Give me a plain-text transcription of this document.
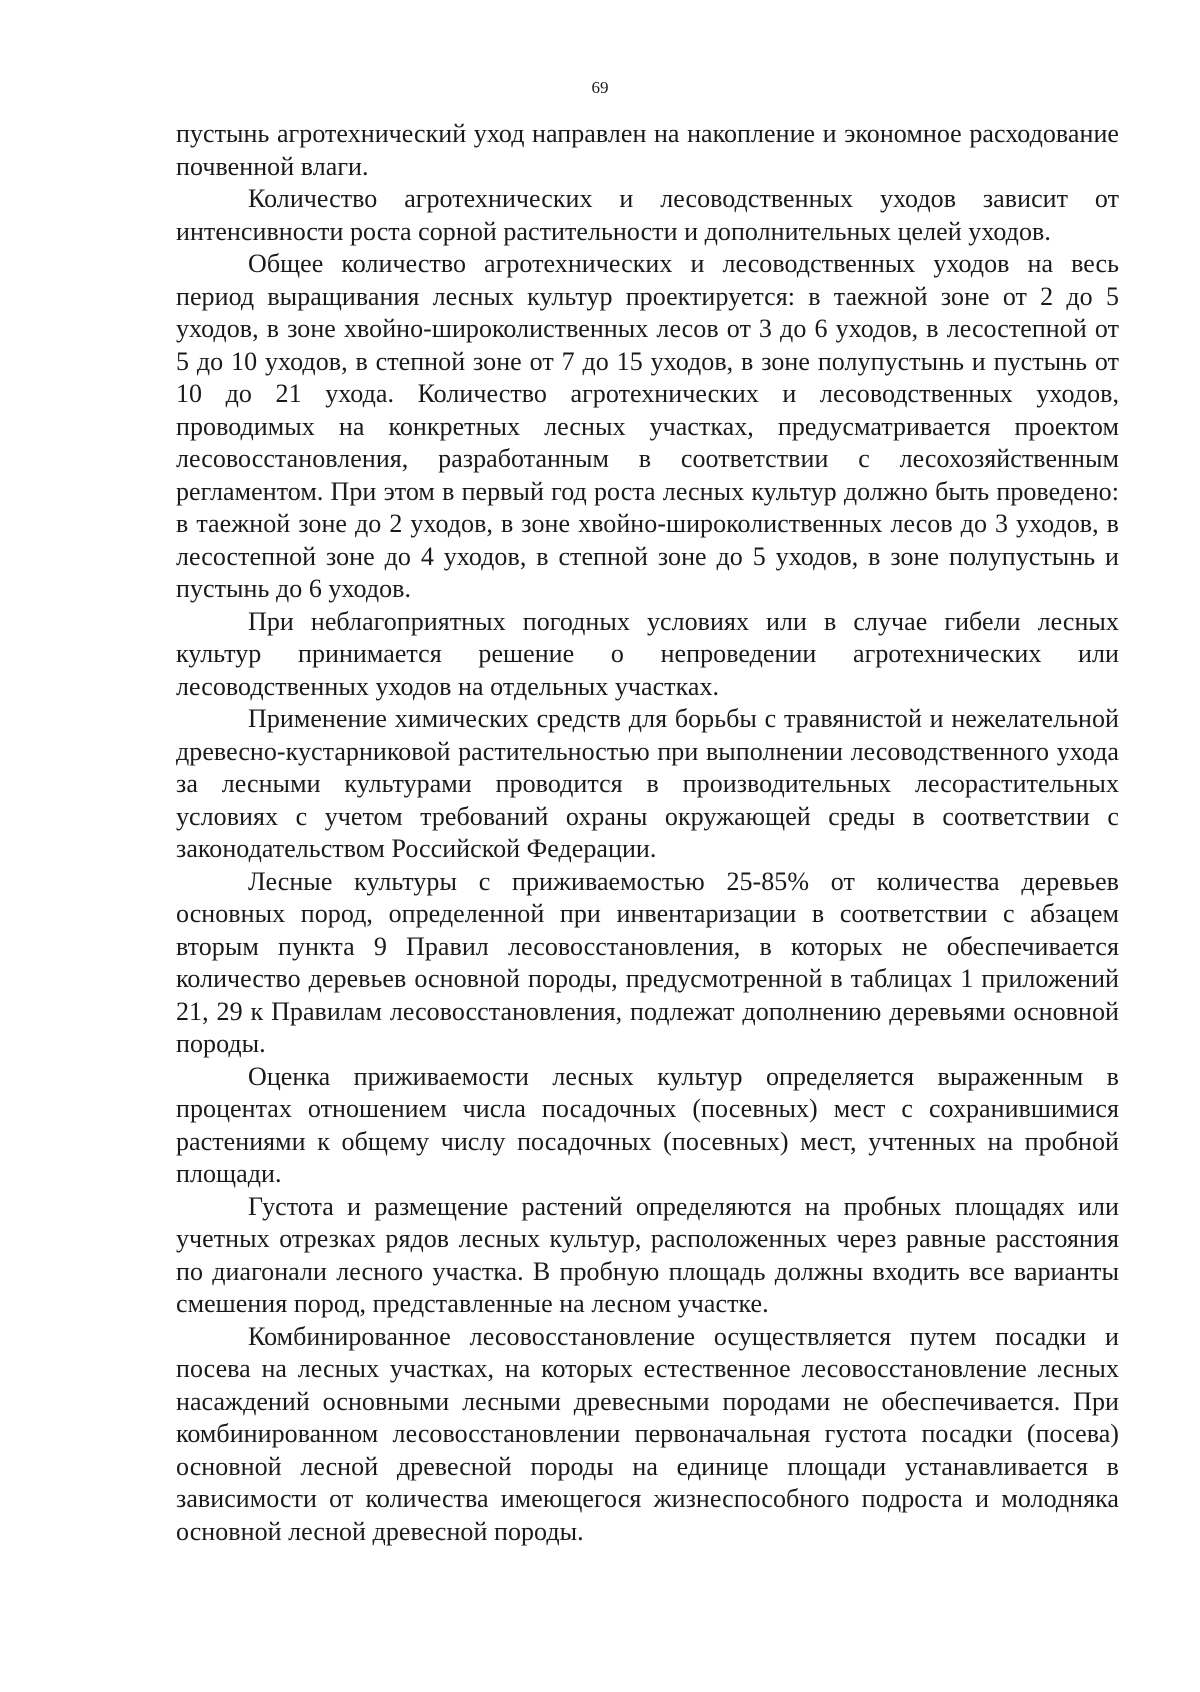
69

пустынь агротехнический уход направлен на накопление и экономное расходование почвенной влаги.

Количество агротехнических и лесоводственных уходов зависит от интенсивности роста сорной растительности и дополнительных целей уходов.

Общее количество агротехнических и лесоводственных уходов на весь период выращивания лесных культур проектируется: в таежной зоне от 2 до 5 уходов, в зоне хвойно-широколиственных лесов от 3 до 6 уходов, в лесостепной от 5 до 10 уходов, в степной зоне от 7 до 15 уходов, в зоне полупустынь и пустынь от 10 до 21 ухода. Количество агротехнических и лесоводственных уходов, проводимых на конкретных лесных участках, предусматривается проектом лесовосстановления, разработанным в соответствии с лесохозяйственным регламентом. При этом в первый год роста лесных культур должно быть проведено: в таежной зоне до 2 уходов, в зоне хвойно-широколиственных лесов до 3 уходов, в лесостепной зоне до 4 уходов, в степной зоне до 5 уходов, в зоне полупустынь и пустынь до 6 уходов.

При неблагоприятных погодных условиях или в случае гибели лесных культур принимается решение о непроведении агротехнических или лесоводственных уходов на отдельных участках.

Применение химических средств для борьбы с травянистой и нежелательной древесно-кустарниковой растительностью при выполнении лесоводственного ухода за лесными культурами проводится в производительных лесорастительных условиях с учетом требований охраны окружающей среды в соответствии с законодательством Российской Федерации.

Лесные культуры с приживаемостью 25-85% от количества деревьев основных пород, определенной при инвентаризации в соответствии с абзацем вторым пункта 9 Правил лесовосстановления, в которых не обеспечивается количество деревьев основной породы, предусмотренной в таблицах 1 приложений 21, 29 к Правилам лесовосстановления, подлежат дополнению деревьями основной породы.

Оценка приживаемости лесных культур определяется выраженным в процентах отношением числа посадочных (посевных) мест с сохранившимися растениями к общему числу посадочных (посевных) мест, учтенных на пробной площади.

Густота и размещение растений определяются на пробных площадях или учетных отрезках рядов лесных культур, расположенных через равные расстояния по диагонали лесного участка. В пробную площадь должны входить все варианты смешения пород, представленные на лесном участке.

Комбинированное лесовосстановление осуществляется путем посадки и посева на лесных участках, на которых естественное лесовосстановление лесных насаждений основными лесными древесными породами не обеспечивается. При комбинированном лесовосстановлении первоначальная густота посадки (посева) основной лесной древесной породы на единице площади устанавливается в зависимости от количества имеющегося жизнеспособного подроста и молодняка основной лесной древесной породы.
